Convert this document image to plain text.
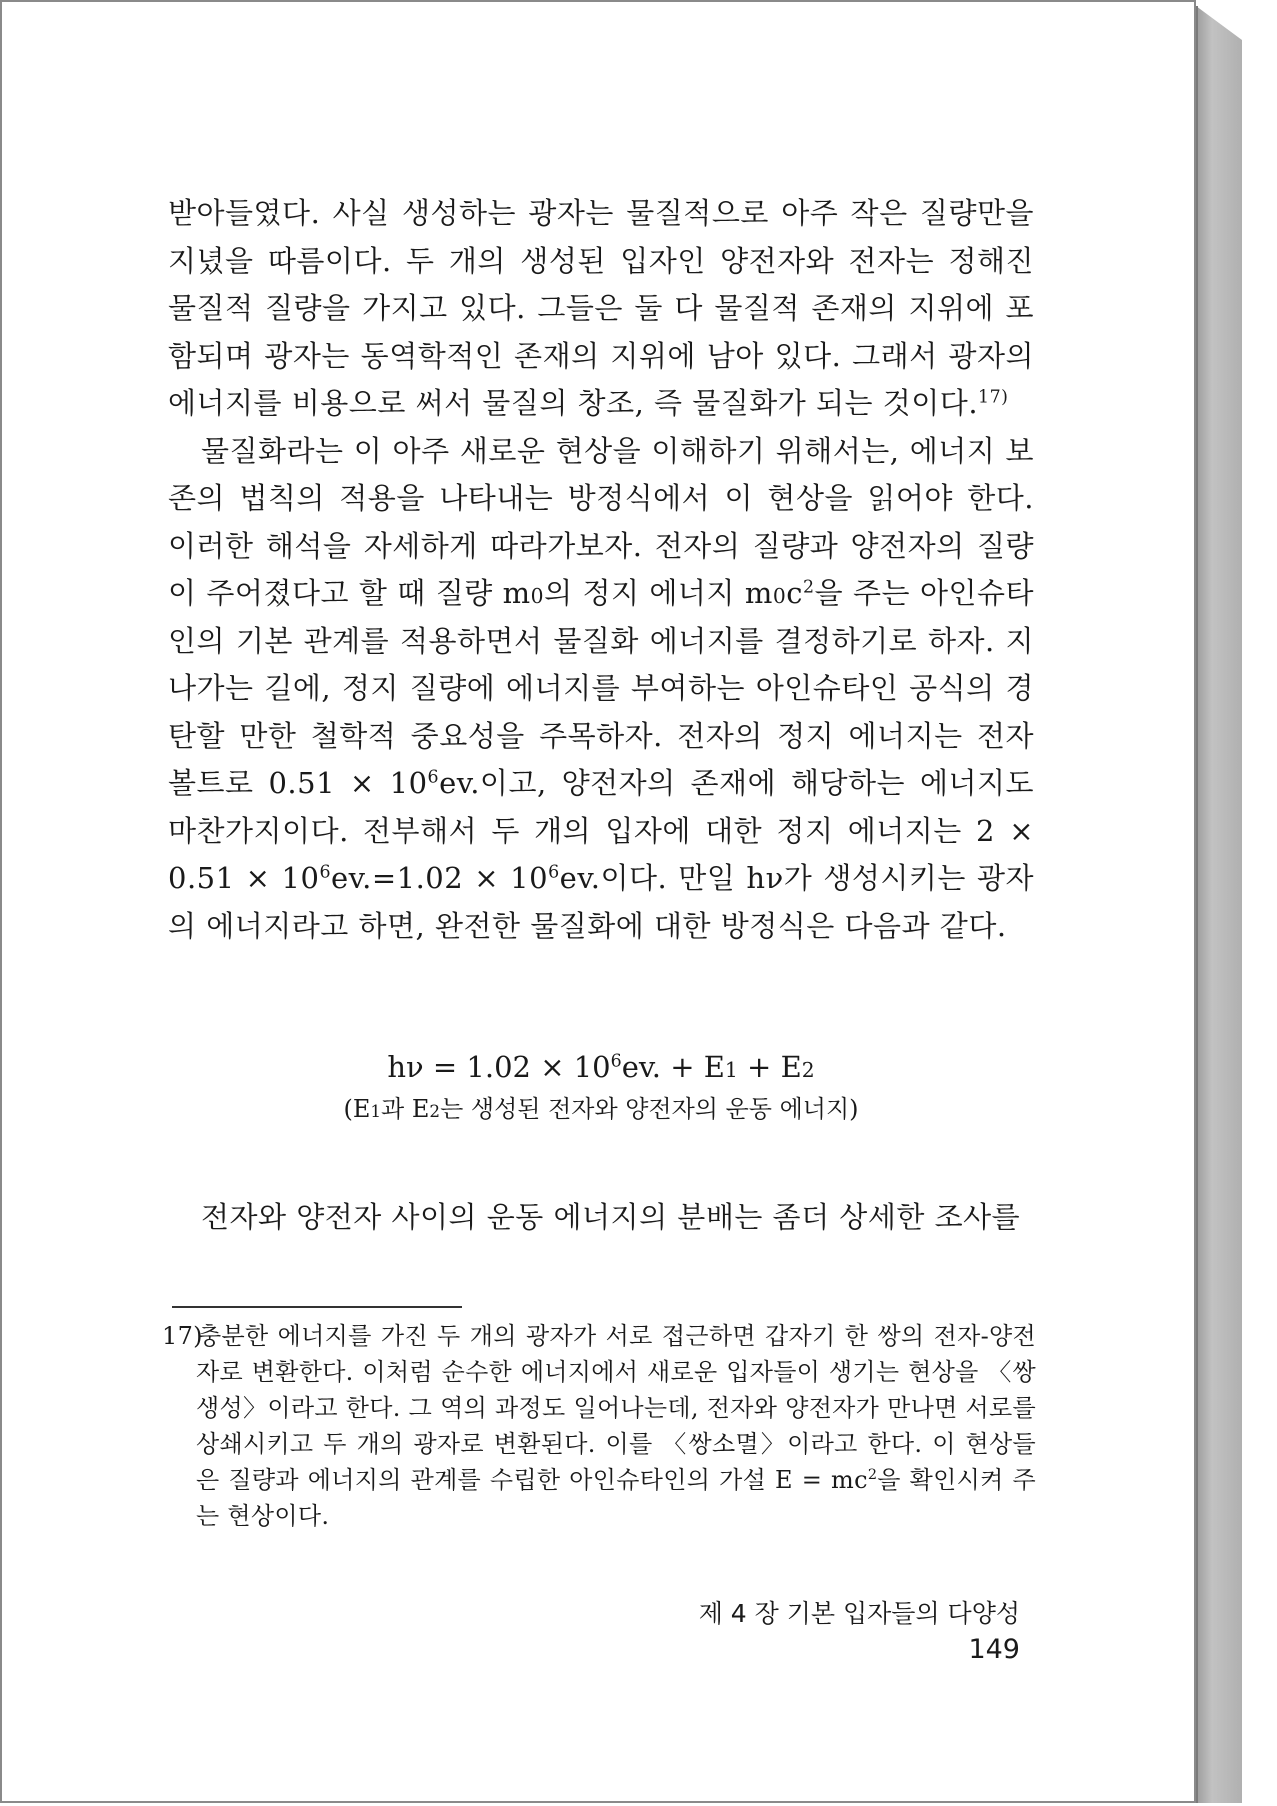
받아들였다. 사실 생성하는 광자는 물질적으로 아주 작은 질량만을 지녔을 따름이다. 두 개의 생성된 입자인 양전자와 전자는 정해진 물질적 질량을 가지고 있다. 그들은 둘 다 물질적 존재의 지위에 포함되며 광자는 동역학적인 존재의 지위에 남아 있다. 그래서 광자의 에너지를 비용으로 써서 물질의 창조, 즉 물질화가 되는 것이다.$^{17)}$

물질화라는 이 아주 새로운 현상을 이해하기 위해서는, 에너지 보존의 법칙의 적용을 나타내는 방정식에서 이 현상을 읽어야 한다. 이러한 해석을 자세하게 따라가보자. 전자의 질량과 양전자의 질량이 주어졌다고 할 때 질량 m0의 정지 에너지 $m0c^2$을 주는 아인슈타인의 기본 관계를 적용하면서 물질화 에너지를 결정하기로 하자. 지나가는 길에, 정지 질량에 에너지를 부여하는 아인슈타인 공식의 경탄할 만한 철학적 중요성을 주목하자. 전자의 정지 에너지는 전자 볼트로 $0.51 \times 10^6ev$.이고, 양전자의 존재에 해당하는 에너지도 마찬가지이다. 전부해서 두 개의 입자에 대한 정지 에너지는 $2 \times 0.51 \times 10^6ev.=1.02 \times 10^6ev$.이다. 만일 hν가 생성시키는 광자의 에너지라고 하면, 완전한 물질화에 대한 방정식은 다음과 같다.

$h\nu = 1.02 \times 10^6ev$. + E1 + E2

(E1과 E2는 생성된 전자와 양전자의 운동 에너지)

전자와 양전자 사이의 운동 에너지의 분배는 좀더 상세한 조사를

17)충분한 에너지를 가진 두 개의 광자가 서로 접근하면 갑자기 한 쌍의 전자-양전자로 변환한다. 이처럼 순수한 에너지에서 새로운 입자들이 생기는 현상을 〈쌍생성〉이라고 한다. 그 역의 과정도 일어나는데, 전자와 양전자가 만나면 서로를 상쇄시키고 두 개의 광자로 변환된다. 이를 〈쌍소멸〉이라고 한다. 이 현상들은 질량과 에너지의 관계를 수립한 아인슈타인의 가설 $E = mc^2$을 확인시켜 주는 현상이다.

제 4 장 기본 입자들의 다양성149
